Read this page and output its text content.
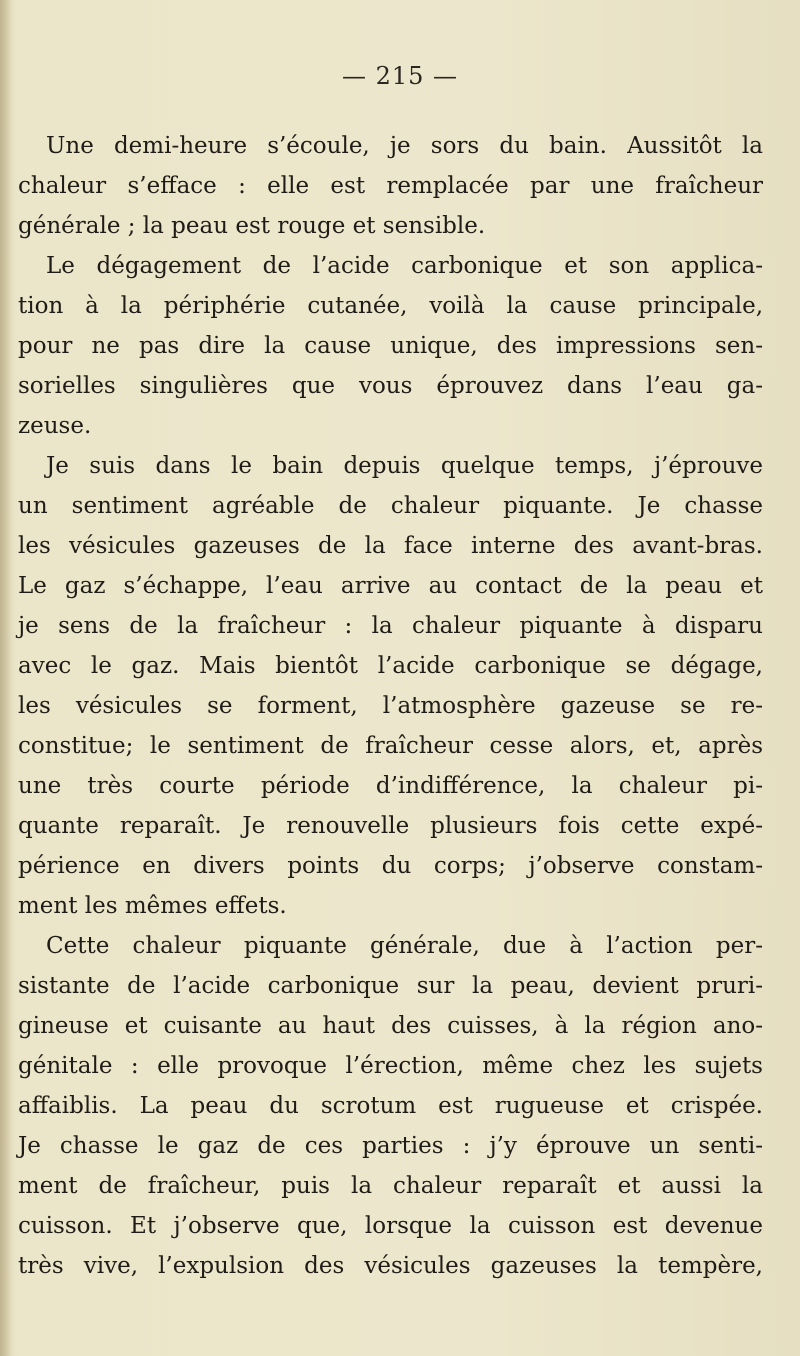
— 215 —
Une demi-heure s’écoule, je sors du bain. Aussitôt la
chaleur s’efface : elle est remplacée par une fraîcheur
générale ; la peau est rouge et sensible.
Le dégagement de l’acide carbonique et son applica-
tion à la périphérie cutanée, voilà la cause principale,
pour ne pas dire la cause unique, des impressions sen-
sorielles singulières que vous éprouvez dans l’eau ga-
zeuse.
Je suis dans le bain depuis quelque temps, j’éprouve
un sentiment agréable de chaleur piquante. Je chasse
les vésicules gazeuses de la face interne des avant-bras.
Le gaz s’échappe, l’eau arrive au contact de la peau et
je sens de la fraîcheur : la chaleur piquante à disparu
avec le gaz. Mais bientôt l’acide carbonique se dégage,
les vésicules se forment, l’atmosphère gazeuse se re-
constitue; le sentiment de fraîcheur cesse alors, et, après
une très courte période d’indifférence, la chaleur pi-
quante reparaît. Je renouvelle plusieurs fois cette expé-
périence en divers points du corps; j’observe constam-
ment les mêmes effets.
Cette chaleur piquante générale, due à l’action per-
sistante de l’acide carbonique sur la peau, devient pruri-
gineuse et cuisante au haut des cuisses, à la région ano-
génitale : elle provoque l’érection, même chez les sujets
affaiblis. La peau du scrotum est rugueuse et crispée.
Je chasse le gaz de ces parties : j’y éprouve un senti-
ment de fraîcheur, puis la chaleur reparaît et aussi la
cuisson. Et j’observe que, lorsque la cuisson est devenue
très vive, l’expulsion des vésicules gazeuses la tempère,
